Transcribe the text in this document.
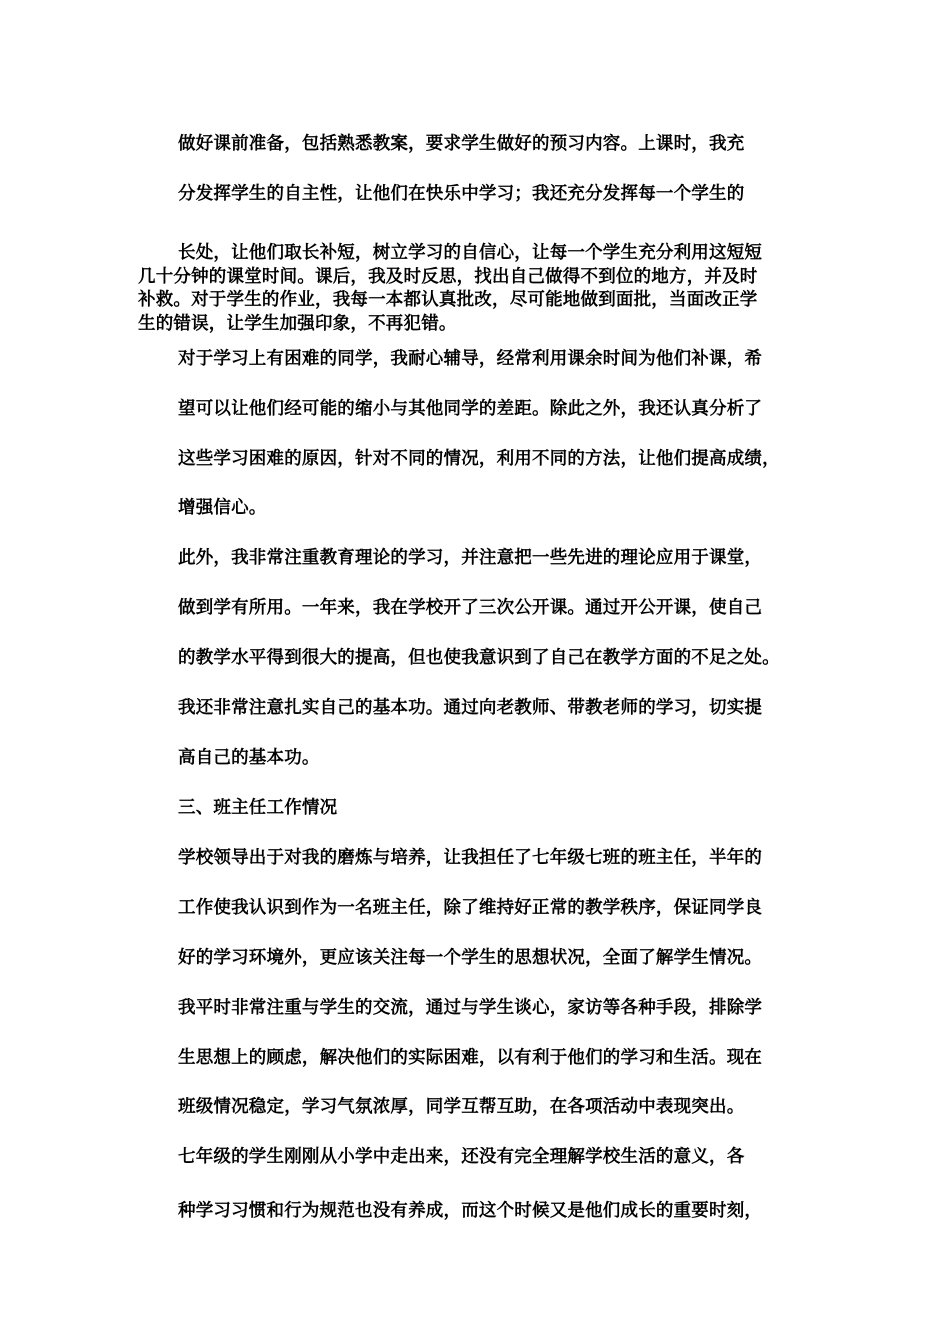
做好课前准备，包括熟悉教案，要求学生做好的预习内容。上课时，我充
分发挥学生的自主性，让他们在快乐中学习；我还充分发挥每一个学生的
长处，让他们取长补短，树立学习的自信心，让每一个学生充分利用这短短
几十分钟的课堂时间。课后，我及时反思，找出自己做得不到位的地方，并及时
补救。对于学生的作业，我每一本都认真批改，尽可能地做到面批，当面改正学
生的错误，让学生加强印象，不再犯错。
对于学习上有困难的同学，我耐心辅导，经常利用课余时间为他们补课，希
望可以让他们经可能的缩小与其他同学的差距。除此之外，我还认真分析了
这些学习困难的原因，针对不同的情况，利用不同的方法，让他们提高成绩，
增强信心。
此外，我非常注重教育理论的学习，并注意把一些先进的理论应用于课堂，
做到学有所用。一年来，我在学校开了三次公开课。通过开公开课，使自己
的教学水平得到很大的提高，但也使我意识到了自己在教学方面的不足之处。
我还非常注意扎实自己的基本功。通过向老教师、带教老师的学习，切实提
高自己的基本功。
三、班主任工作情况
学校领导出于对我的磨炼与培养，让我担任了七年级七班的班主任，半年的
工作使我认识到作为一名班主任，除了维持好正常的教学秩序，保证同学良
好的学习环境外，更应该关注每一个学生的思想状况，全面了解学生情况。
我平时非常注重与学生的交流，通过与学生谈心，家访等各种手段，排除学
生思想上的顾虑，解决他们的实际困难，以有利于他们的学习和生活。现在
班级情况稳定，学习气氛浓厚，同学互帮互助，在各项活动中表现突出。
七年级的学生刚刚从小学中走出来，还没有完全理解学校生活的意义，各
种学习习惯和行为规范也没有养成，而这个时候又是他们成长的重要时刻，
